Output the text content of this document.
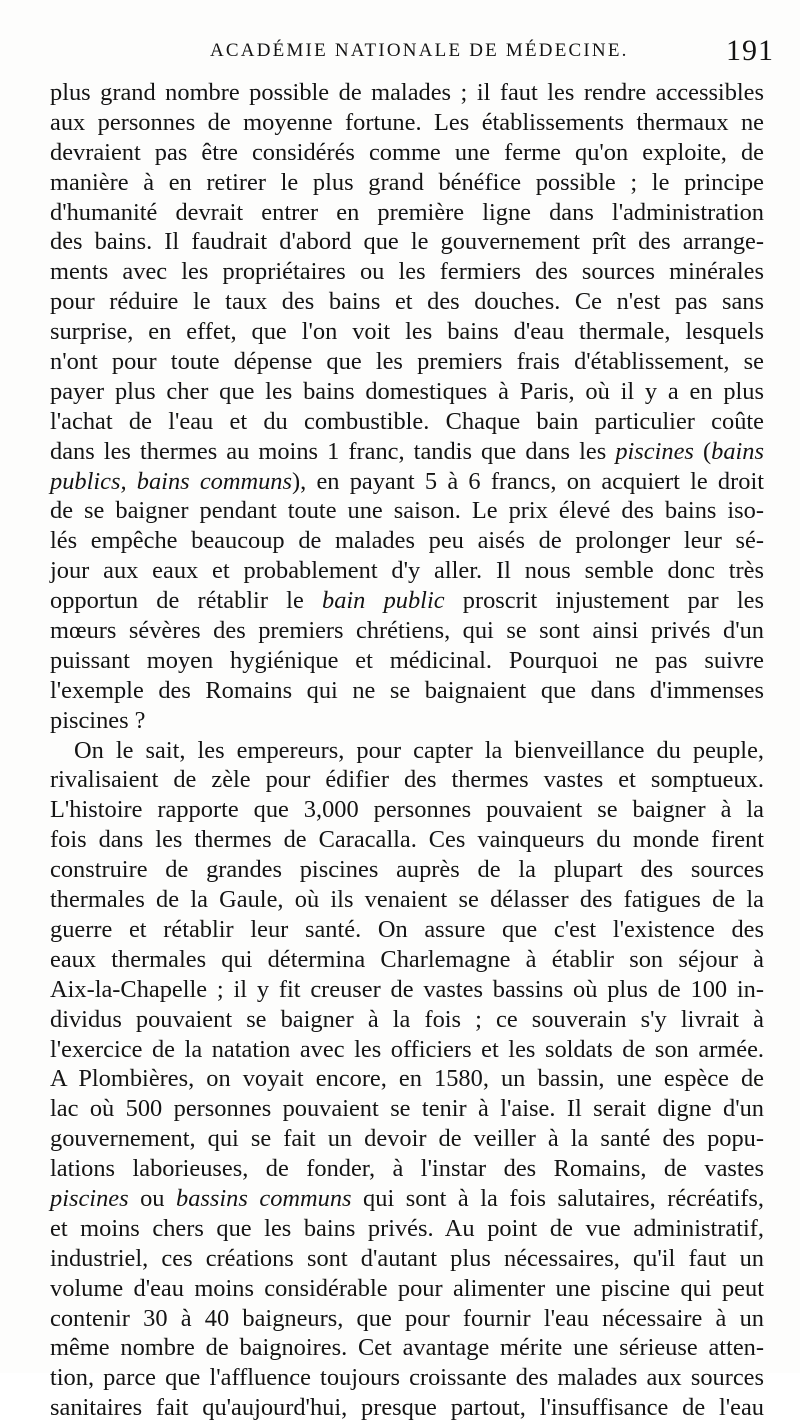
ACADÉMIE NATIONALE DE MÉDECINE.	191
plus grand nombre possible de malades ; il faut les rendre accessibles
aux personnes de moyenne fortune. Les établissements thermaux ne
devraient pas être considérés comme une ferme qu'on exploite, de
manière à en retirer le plus grand bénéfice possible ; le principe
d'humanité devrait entrer en première ligne dans l'administration
des bains. Il faudrait d'abord que le gouvernement prît des arrange-
ments avec les propriétaires ou les fermiers des sources minérales
pour réduire le taux des bains et des douches. Ce n'est pas sans
surprise, en effet, que l'on voit les bains d'eau thermale, lesquels
n'ont pour toute dépense que les premiers frais d'établissement, se
payer plus cher que les bains domestiques à Paris, où il y a en plus
l'achat de l'eau et du combustible. Chaque bain particulier coûte
dans les thermes au moins 1 franc, tandis que dans les piscines (bains
publics, bains communs), en payant 5 à 6 francs, on acquiert le droit
de se baigner pendant toute une saison. Le prix élevé des bains iso-
lés empêche beaucoup de malades peu aisés de prolonger leur sé-
jour aux eaux et probablement d'y aller. Il nous semble donc très
opportun de rétablir le bain public proscrit injustement par les
mœurs sévères des premiers chrétiens, qui se sont ainsi privés d'un
puissant moyen hygiénique et médicinal. Pourquoi ne pas suivre
l'exemple des Romains qui ne se baignaient que dans d'immenses
piscines ?
On le sait, les empereurs, pour capter la bienveillance du peuple,
rivalisaient de zèle pour édifier des thermes vastes et somptueux.
L'histoire rapporte que 3,000 personnes pouvaient se baigner à la
fois dans les thermes de Caracalla. Ces vainqueurs du monde firent
construire de grandes piscines auprès de la plupart des sources
thermales de la Gaule, où ils venaient se délasser des fatigues de la
guerre et rétablir leur santé. On assure que c'est l'existence des
eaux thermales qui détermina Charlemagne à établir son séjour à
Aix-la-Chapelle ; il y fit creuser de vastes bassins où plus de 100 in-
dividus pouvaient se baigner à la fois ; ce souverain s'y livrait à
l'exercice de la natation avec les officiers et les soldats de son armée.
A Plombières, on voyait encore, en 1580, un bassin, une espèce de
lac où 500 personnes pouvaient se tenir à l'aise. Il serait digne d'un
gouvernement, qui se fait un devoir de veiller à la santé des popu-
lations laborieuses, de fonder, à l'instar des Romains, de vastes
piscines ou bassins communs qui sont à la fois salutaires, récréatifs,
et moins chers que les bains privés. Au point de vue administratif,
industriel, ces créations sont d'autant plus nécessaires, qu'il faut un
volume d'eau moins considérable pour alimenter une piscine qui peut
contenir 30 à 40 baigneurs, que pour fournir l'eau nécessaire à un
même nombre de baignoires. Cet avantage mérite une sérieuse atten-
tion, parce que l'affluence toujours croissante des malades aux sources
sanitaires fait qu'aujourd'hui, presque partout, l'insuffisance de l'eau
